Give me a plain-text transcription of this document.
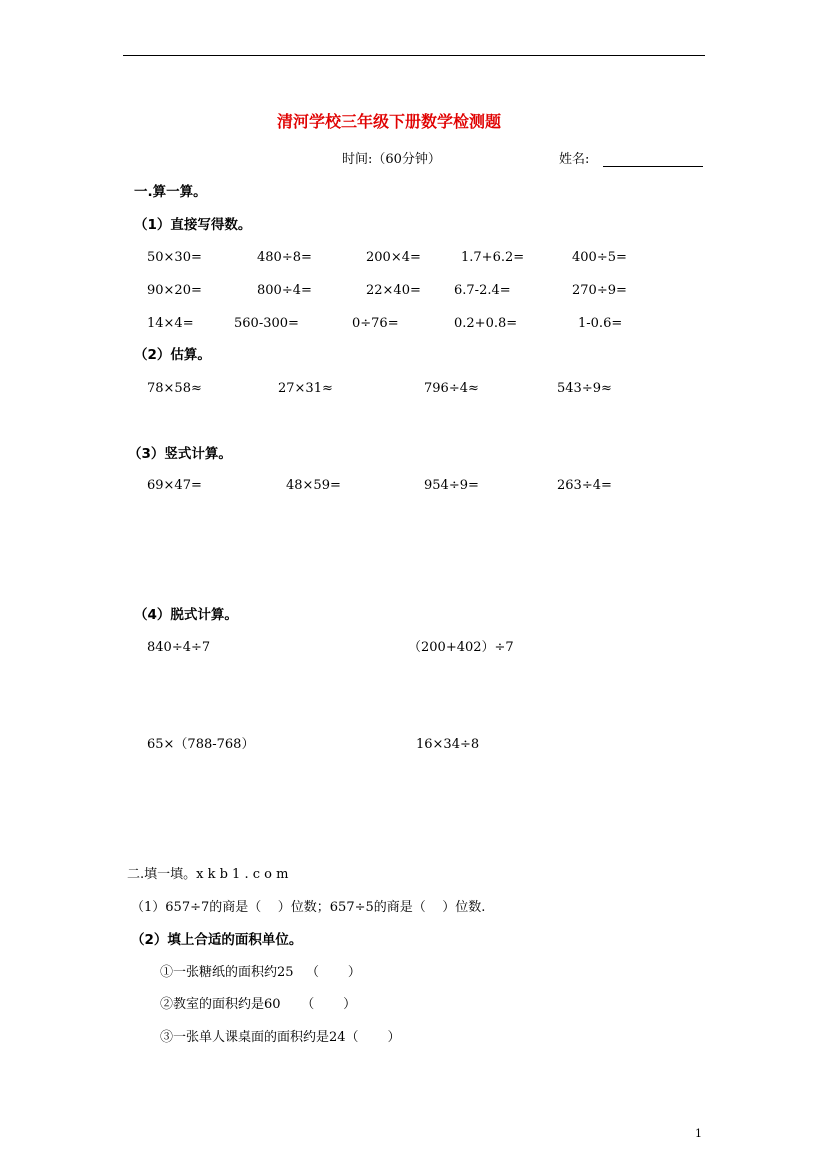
清河学校三年级下册数学检测题
时间:（60分钟）	姓名:
一.算一算。
（1）直接写得数。
50×30=	480÷8=	200×4=	1.7+6.2=	400÷5=
90×20=	800÷4=	22×40=	6.7-2.4=	270÷9=
14×4=	560-300=	0÷76=	0.2+0.8=	1-0.6=
（2）估算。
78×58≈	27×31≈	796÷4≈	543÷9≈
（3）竖式计算。
69×47=	48×59=	954÷9=	263÷4=
（4）脱式计算。
840÷4÷7	（200+402）÷7
65×（788-768）	16×34÷8
二.填一填。x k b 1 . c o m
（1）657÷7的商是（    ）位数；657÷5的商是（    ）位数.
（2）填上合适的面积单位。
①一张糖纸的面积约25   （       ）
②教室的面积约是60     （       ）
③一张单人课桌面的面积约是24（       ）
1
